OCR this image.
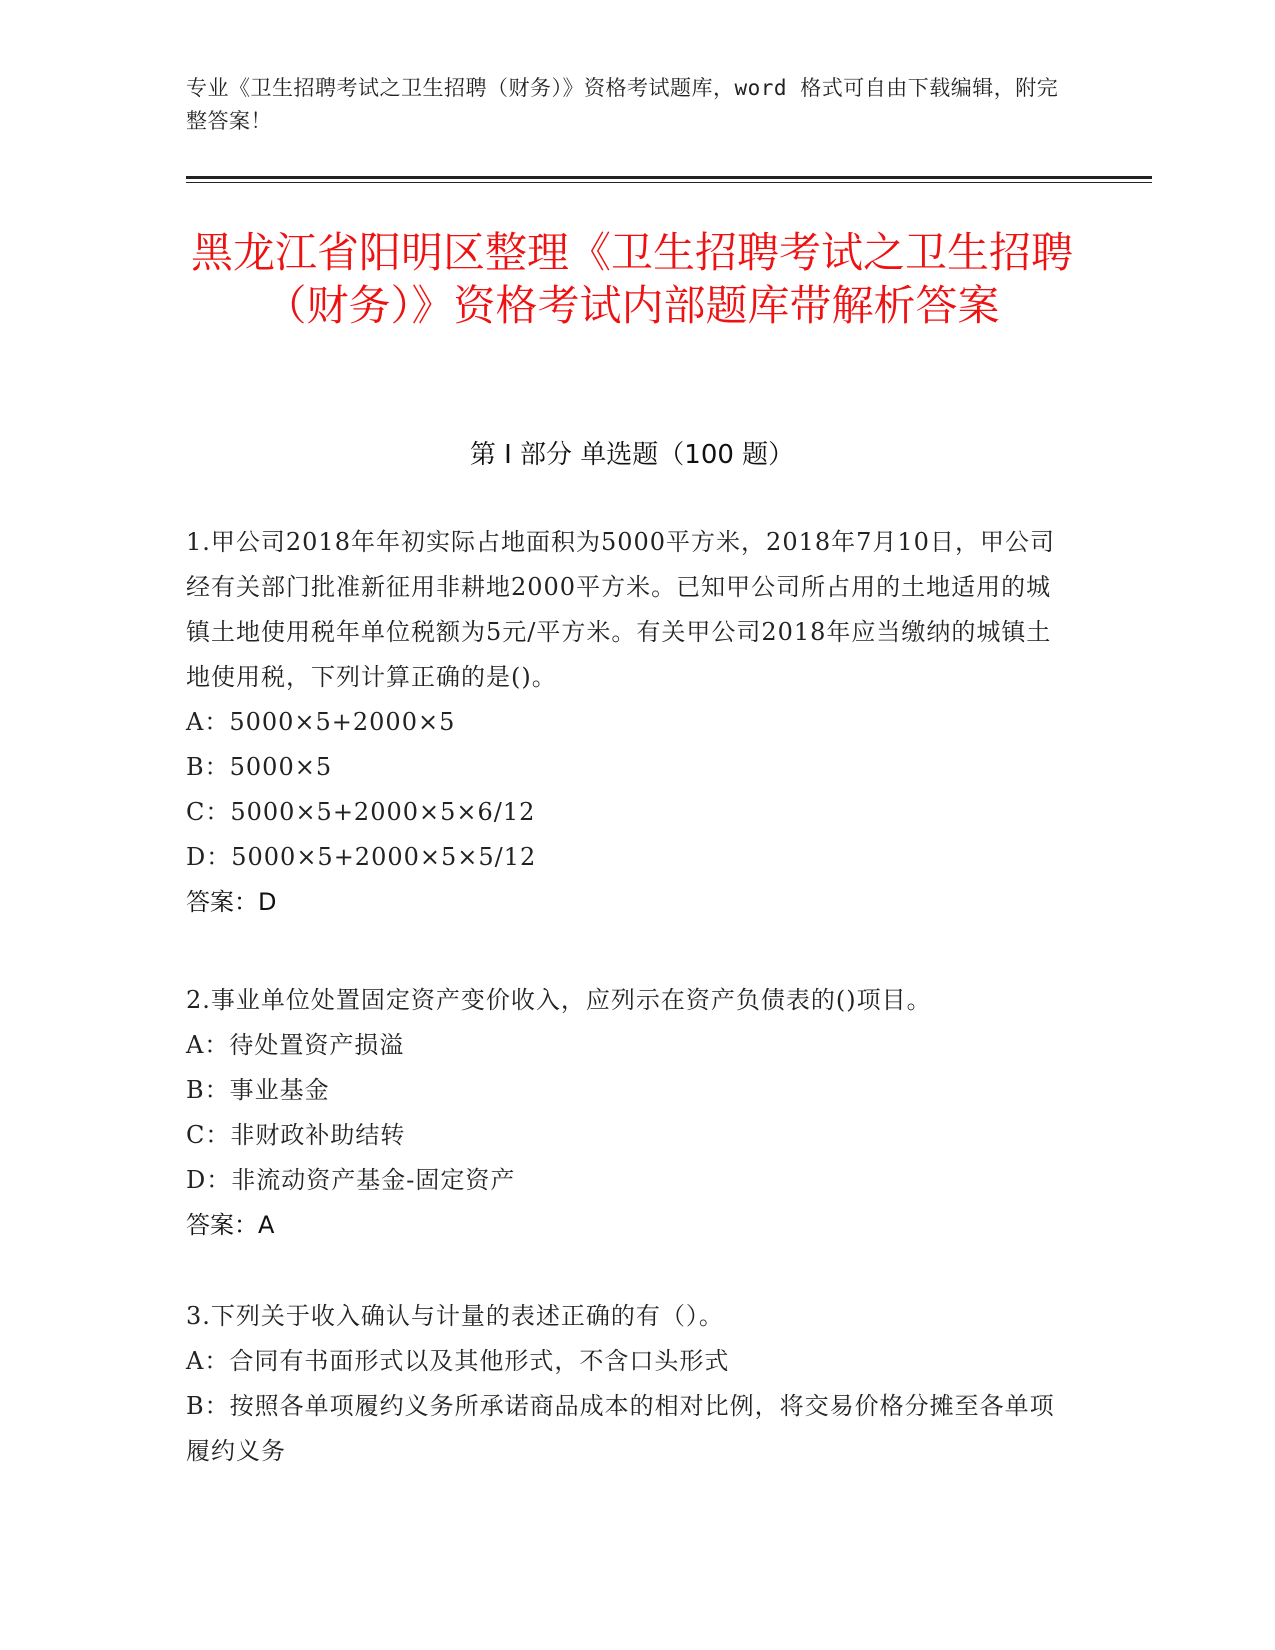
专业《卫生招聘考试之卫生招聘（财务）》资格考试题库，word 格式可自由下载编辑，附完整答案！
黑龙江省阳明区整理《卫生招聘考试之卫生招聘（财务）》资格考试内部题库带解析答案
第 I 部分 单选题（100 题）
1.甲公司2018年年初实际占地面积为5000平方米，2018年7月10日，甲公司经有关部门批准新征用非耕地2000平方米。已知甲公司所占用的土地适用的城镇土地使用税年单位税额为5元/平方米。有关甲公司2018年应当缴纳的城镇土地使用税，下列计算正确的是()。
A：5000×5+2000×5
B：5000×5
C：5000×5+2000×5×6/12
D：5000×5+2000×5×5/12
答案：D
2.事业单位处置固定资产变价收入，应列示在资产负债表的()项目。
A：待处置资产损溢
B：事业基金
C：非财政补助结转
D：非流动资产基金-固定资产
答案：A
3.下列关于收入确认与计量的表述正确的有（）。
A：合同有书面形式以及其他形式，不含口头形式
B：按照各单项履约义务所承诺商品成本的相对比例，将交易价格分摊至各单项履约义务
